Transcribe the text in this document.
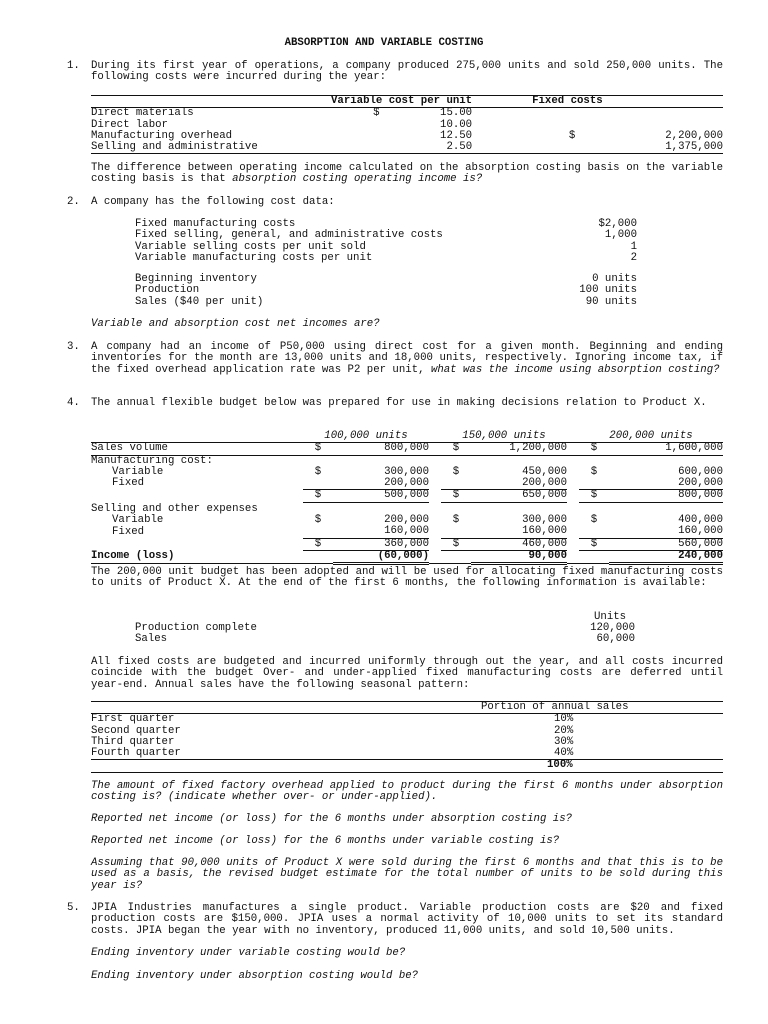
ABSORPTION AND VARIABLE COSTING
1. During its first year of operations, a company produced 275,000 units and sold 250,000 units. The following costs were incurred during the year:
	Variable cost per unit			Fixed costs	
Direct materials	$	15.00			
Direct labor		10.00			
Manufacturing overhead		12.50		$	2,200,000
Selling and administrative		2.50			1,375,000
The difference between operating income calculated on the absorption costing basis on the variable costing basis is that absorption costing operating income is?
2. A company has the following cost data:
Fixed manufacturing costs	$2,000
Fixed selling, general, and administrative costs	1,000
Variable selling costs per unit sold	1
Variable manufacturing costs per unit	2
Beginning inventory	0 units
Production	100 units
Sales ($40 per unit)	90 units
Variable and absorption cost net incomes are?
3. A company had an income of P50,000 using direct cost for a given month. Beginning and ending inventories for the month are 13,000 units and 18,000 units, respectively. Ignoring income tax, if the fixed overhead application rate was P2 per unit, what was the income using absorption costing?
4. The annual flexible budget below was prepared for use in making decisions relation to Product X.
	100,000 units			150,000 units			200,000 units	
Sales volume	$	800,000		$	1,200,000		$	1,600,000
Manufacturing cost:								
Variable	$	300,000		$	450,000		$	600,000
Fixed		200,000			200,000			200,000
	$	500,000		$	650,000		$	800,000
Selling and other expenses								
Variable	$	200,000		$	300,000		$	400,000
Fixed		160,000			160,000			160,000
	$	360,000		$	460,000		$	560,000
Income (loss)		(60,000)			90,000			240,000
The 200,000 unit budget has been adopted and will be used for allocating fixed manufacturing costs to units of Product X. At the end of the first 6 months, the following information is available:
Units
Production complete	120,000
Sales	60,000
All fixed costs are budgeted and incurred uniformly through out the year, and all costs incurred coincide with the budget Over- and under-applied fixed manufacturing costs are deferred until year-end. Annual sales have the following seasonal pattern:
	Portion of annual sales
First quarter	10%
Second quarter	20%
Third quarter	30%
Fourth quarter	40%
	100%
The amount of fixed factory overhead applied to product during the first 6 months under absorption costing is? (indicate whether over- or under-applied).
Reported net income (or loss) for the 6 months under absorption costing is?
Reported net income (or loss) for the 6 months under variable costing is?
Assuming that 90,000 units of Product X were sold during the first 6 months and that this is to be used as a basis, the revised budget estimate for the total number of units to be sold during this year is?
5. JPIA Industries manufactures a single product. Variable production costs are $20 and fixed production costs are $150,000. JPIA uses a normal activity of 10,000 units to set its standard costs. JPIA began the year with no inventory, produced 11,000 units, and sold 10,500 units.
Ending inventory under variable costing would be?
Ending inventory under absorption costing would be?
